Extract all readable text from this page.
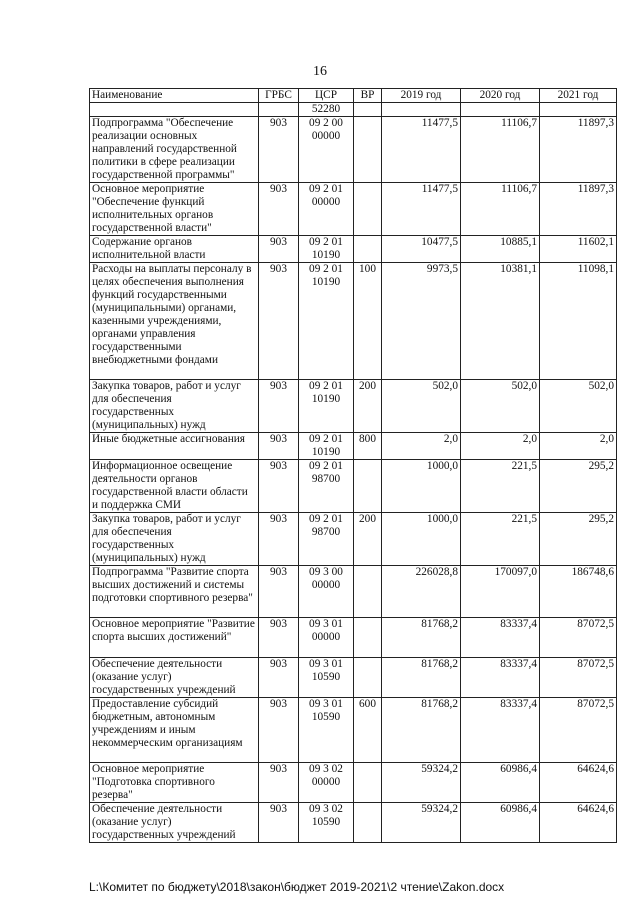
16
Наименование	ГРБС	ЦСР	ВР	2019 год	2020 год	2021 год
		52280				
Подпрограмма "Обеспечение реализации основных направлений государственной политики в сфере реализации государственной программы"	903	09 2 00 00000		11477,5	11106,7	11897,3
Основное мероприятие "Обеспечение функций исполнительных органов государственной власти"	903	09 2 01 00000		11477,5	11106,7	11897,3
Содержание органов исполнительной власти	903	09 2 01 10190		10477,5	10885,1	11602,1
Расходы на выплаты персоналу в целях обеспечения выполнения функций государственными (муниципальными) органами, казенными учреждениями, органами управления государственными внебюджетными фондами	903	09 2 01 10190	100	9973,5	10381,1	11098,1
Закупка товаров, работ и услуг для обеспечения государственных (муниципальных) нужд	903	09 2 01 10190	200	502,0	502,0	502,0
Иные бюджетные ассигнования	903	09 2 01 10190	800	2,0	2,0	2,0
Информационное освещение деятельности органов государственной власти области и поддержка СМИ	903	09 2 01 98700		1000,0	221,5	295,2
Закупка товаров, работ и услуг для обеспечения государственных (муниципальных) нужд	903	09 2 01 98700	200	1000,0	221,5	295,2
Подпрограмма "Развитие спорта высших достижений и системы подготовки спортивного резерва"	903	09 3 00 00000		226028,8	170097,0	186748,6
Основное мероприятие "Развитие спорта высших достижений"	903	09 3 01 00000		81768,2	83337,4	87072,5
Обеспечение деятельности (оказание услуг) государственных учреждений	903	09 3 01 10590		81768,2	83337,4	87072,5
Предоставление субсидий бюджетным, автономным учреждениям и иным некоммерческим организациям	903	09 3 01 10590	600	81768,2	83337,4	87072,5
Основное мероприятие "Подготовка спортивного резерва"	903	09 3 02 00000		59324,2	60986,4	64624,6
Обеспечение деятельности (оказание услуг) государственных учреждений	903	09 3 02 10590		59324,2	60986,4	64624,6
L:\Комитет по бюджету\2018\закон\бюджет 2019-2021\2 чтение\Zakon.docx
